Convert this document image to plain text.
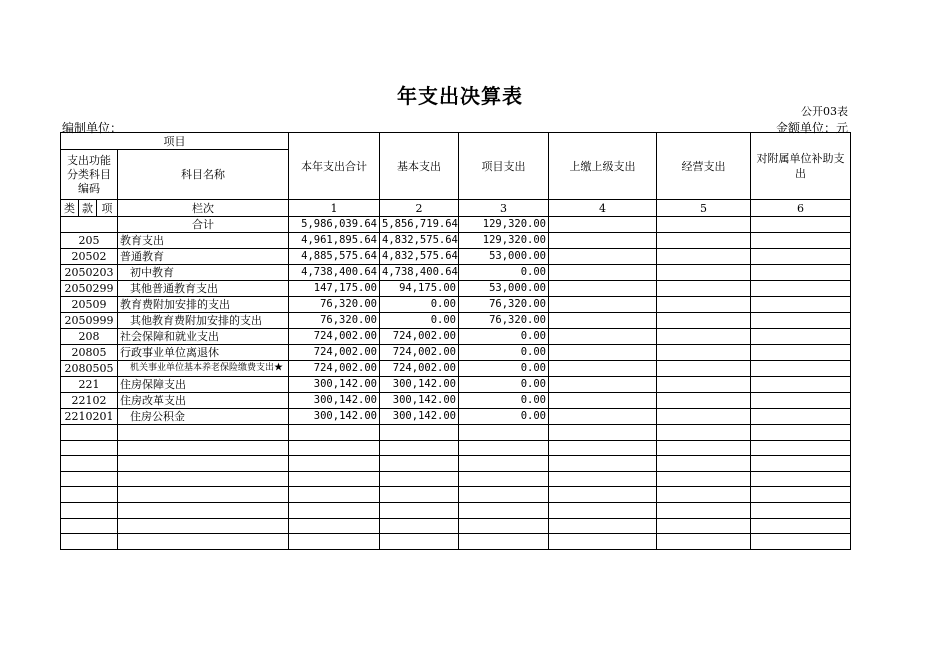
年支出决算表
公开03表
编制单位：	金额单位：元
项目				本年支出合计	基本支出	项目支出	上缴上级支出	经营支出	对附属单位补助支出
支出功能分类科目编码			科目名称						
类	款	项	栏次	1	2	3	4	5	6
			合计	5,986,039.64	5,856,719.64	129,320.00			
205			教育支出	4,961,895.64	4,832,575.64	129,320.00			
20502			普通教育	4,885,575.64	4,832,575.64	53,000.00			
2050203			初中教育	4,738,400.64	4,738,400.64	0.00			
2050299			其他普通教育支出	147,175.00	94,175.00	53,000.00			
20509			教育费附加安排的支出	76,320.00	0.00	76,320.00			
2050999			其他教育费附加安排的支出	76,320.00	0.00	76,320.00			
208			社会保障和就业支出	724,002.00	724,002.00	0.00			
20805			行政事业单位离退休	724,002.00	724,002.00	0.00			
2080505			机关事业单位基本养老保险缴费支出★	724,002.00	724,002.00	0.00			
221			住房保障支出	300,142.00	300,142.00	0.00			
22102			住房改革支出	300,142.00	300,142.00	0.00			
2210201			住房公积金	300,142.00	300,142.00	0.00			
